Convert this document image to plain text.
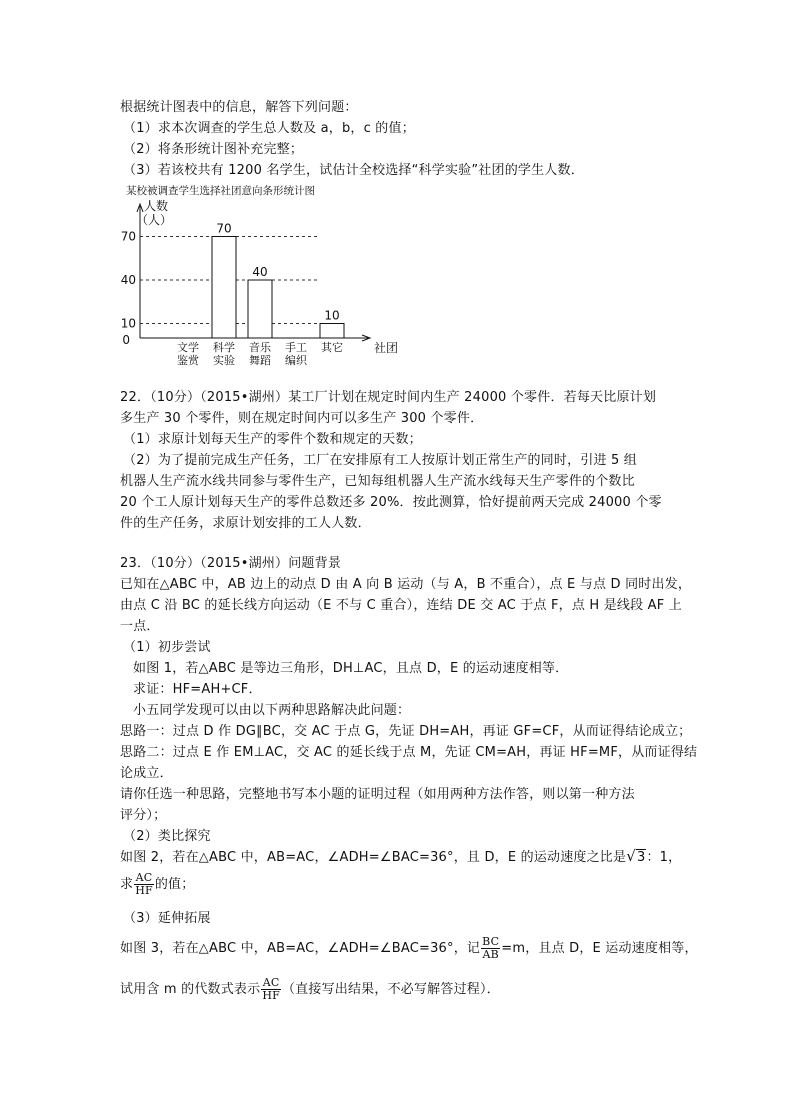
根据统计图表中的信息，解答下列问题：
（1）求本次调查的学生总人数及 a，b，c 的值；
（2）将条形统计图补充完整；
（3）若该校共有 1200 名学生，试估计全校选择“科学实验”社团的学生人数．
某校被调查学生选择社团意向条形统计图
人数
（人）
社团
0
10
40
70
文学
鉴赏
70
科学
实验
40
音乐
舞蹈
手工
编织
10
其它
22．（10分）（2015•湖州）某工厂计划在规定时间内生产 24000 个零件．若每天比原计划
多生产 30 个零件，则在规定时间内可以多生产 300 个零件．
（1）求原计划每天生产的零件个数和规定的天数；
（2）为了提前完成生产任务，工厂在安排原有工人按原计划正常生产的同时，引进 5 组
机器人生产流水线共同参与零件生产，已知每组机器人生产流水线每天生产零件的个数比
20 个工人原计划每天生产的零件总数还多 20%．按此测算，恰好提前两天完成 24000 个零
件的生产任务，求原计划安排的工人人数．
23．（10分）（2015•湖州）问题背景
已知在△ABC 中，AB 边上的动点 D 由 A 向 B 运动（与 A，B 不重合），点 E 与点 D 同时出发，
由点 C 沿 BC 的延长线方向运动（E 不与 C 重合），连结 DE 交 AC 于点 F，点 H 是线段 AF 上
一点．
（1）初步尝试
如图 1，若△ABC 是等边三角形，DH⊥AC，且点 D，E 的运动速度相等．
求证：HF=AH+CF．
小五同学发现可以由以下两种思路解决此问题：
思路一：过点 D 作 DG∥BC，交 AC 于点 G，先证 DH=AH，再证 GF=CF，从而证得结论成立；
思路二：过点 E 作 EM⊥AC，交 AC 的延长线于点 M，先证 CM=AH，再证 HF=MF，从而证得结
论成立．
请你任选一种思路，完整地书写本小题的证明过程（如用两种方法作答，则以第一种方法
评分）；
（2）类比探究
如图 2，若在△ABC 中，AB=AC，∠ADH=∠BAC=36°，且 D，E 的运动速度之比是√3：1，
求 $\frac{AC}{HF}$ 的值；
（3）延伸拓展
如图 3，若在△ABC 中，AB=AC，∠ADH=∠BAC=36°，记 $\frac{BC}{AB} =m$，且点 D，E 运动速度相等，
试用含 m 的代数式表示 $\frac{AC}{HF}$ （直接写出结果，不必写解答过程）．
